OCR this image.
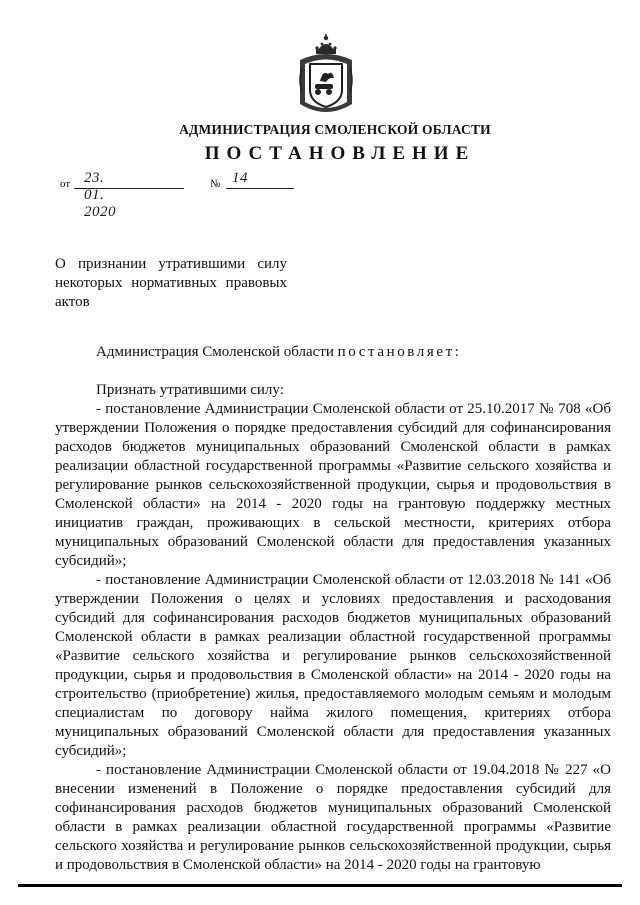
АДМИНИСТРАЦИЯ СМОЛЕНСКОЙ ОБЛАСТИ
ПОСТАНОВЛЕНИЕ
от 23. 01. 2020
№ 14
О признании утратившими силу некоторых нормативных правовых актов

Администрация Смоленской области постановляет:

Признать утратившими силу:

- постановление Администрации Смоленской области от 25.10.2017 № 708 «Об утверждении Положения о порядке предоставления субсидий для софинансирования расходов бюджетов муниципальных образований Смоленской области в рамках реализации областной государственной программы «Развитие сельского хозяйства и регулирование рынков сельскохозяйственной продукции, сырья и продовольствия в Смоленской области» на 2014 - 2020 годы на грантовую поддержку местных инициатив граждан, проживающих в сельской местности, критериях отбора муниципальных образований Смоленской области для предоставления указанных субсидий»;

- постановление Администрации Смоленской области от 12.03.2018 № 141 «Об утверждении Положения о целях и условиях предоставления и расходования субсидий для софинансирования расходов бюджетов муниципальных образований Смоленской области в рамках реализации областной государственной программы «Развитие сельского хозяйства и регулирование рынков сельскохозяйственной продукции, сырья и продовольствия в Смоленской области» на 2014 - 2020 годы на строительство (приобретение) жилья, предоставляемого молодым семьям и молодым специалистам по договору найма жилого помещения, критериях отбора муниципальных образований Смоленской области для предоставления указанных субсидий»;

- постановление Администрации Смоленской области от 19.04.2018 № 227 «О внесении изменений в Положение о порядке предоставления субсидий для софинансирования расходов бюджетов муниципальных образований Смоленской области в рамках реализации областной государственной программы «Развитие сельского хозяйства и регулирование рынков сельскохозяйственной продукции, сырья и продовольствия в Смоленской области» на 2014 - 2020 годы на грантовую
